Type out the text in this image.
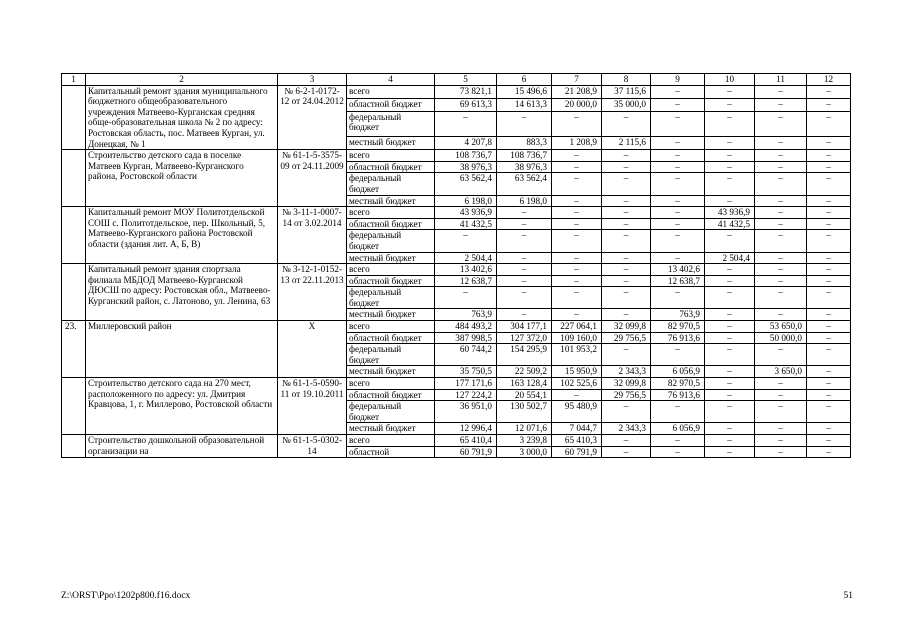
1	2	3	4	5	6	7	8	9	10	11	12
	Капитальный ремонт здания муниципального бюджетного общеобразовательного учреждения Матвеево-Курганская средняя обще-образовательная школа № 2 по адресу: Ростовская область, пос. Матвеев Курган, ул. Донецкая, № 1	№ 6-2-1-0172-12 от 24.04.2012	всего	73 821,1	15 496,6	21 208,9	37 115,6	–	–	–	–
			областной бюджет	69 613,3	14 613,3	20 000,0	35 000,0	–	–	–	–
			федеральный бюджет	–	–	–	–	–	–	–	–
			местный бюджет	4 207,8	883,3	1 208,9	2 115,6	–	–	–	–
	Строительство детского сада в поселке Матвеев Курган, Матвеево-Курганского района, Ростовской области	№ 61-1-5-3575-09 от 24.11.2009	всего	108 736,7	108 736,7	–	–	–	–	–	–
			областной бюджет	38 976,3	38 976,3	–	–	–	–	–	–
			федеральный бюджет	63 562,4	63 562,4	–	–	–	–	–	–
			местный бюджет	6 198,0	6 198,0	–	–	–	–	–	–
	Капитальный ремонт МОУ Политотдельской СОШ с. Политотдельское, пер. Школьный, 5, Матвеево-Курганского района Ростовской области (здания лит. А, Б, В)	№ 3-11-1-0007-14 от 3.02.2014	всего	43 936,9	–	–	–	–	43 936,9	–	–
			областной бюджет	41 432,5	–	–	–	–	41 432,5	–	–
			федеральный бюджет	–	–	–	–	–	–	–	–
			местный бюджет	2 504,4	–	–	–	–	2 504,4	–	–
	Капитальный ремонт здания спортзала филиала МБДОД Матвеево-Курганской ДЮСШ по адресу: Ростовская обл., Матвеево-Курганский район, с. Латоново, ул. Ленина, 63	№ 3-12-1-0152-13 от 22.11.2013	всего	13 402,6	–	–	–	13 402,6	–	–	–
			областной бюджет	12 638,7	–	–	–	12 638,7	–	–	–
			федеральный бюджет	–	–	–	–	–	–	–	–
			местный бюджет	763,9	–	–	–	763,9	–	–	–
23.	Миллеровский район	Х	всего	484 493,2	304 177,1	227 064,1	32 099,8	82 970,5	–	53 650,0	–
			областной бюджет	387 998,5	127 372,0	109 160,0	29 756,5	76 913,6	–	50 000,0	–
			федеральный бюджет	60 744,2	154 295,9	101 953,2	–	–	–	–	–
			местный бюджет	35 750,5	22 509,2	15 950,9	2 343,3	6 056,9	–	3 650,0	–
	Строительство детского сада на 270 мест, расположенного по адресу: ул. Дмитрия Кравцова, 1, г. Миллерово, Ростовской области	№ 61-1-5-0590-11 от 19.10.2011	всего	177 171,6	163 128,4	102 525,6	32 099,8	82 970,5	–	–	–
			областной бюджет	127 224,2	20 554,1	–	29 756,5	76 913,6	–	–	–
			федеральный бюджет	36 951,0	130 502,7	95 480,9	–	–	–	–	–
			местный бюджет	12 996,4	12 071,6	7 044,7	2 343,3	6 056,9	–	–	–
	Строительство дошкольной образовательной организации на	№ 61-1-5-0302-14	всего	65 410,4	3 239,8	65 410,3	–	–	–	–	–
			областной	60 791,9	3 000,0	60 791,9	–	–	–	–	–
Z:\ORST\Ppo\1202p800.f16.docx	51
